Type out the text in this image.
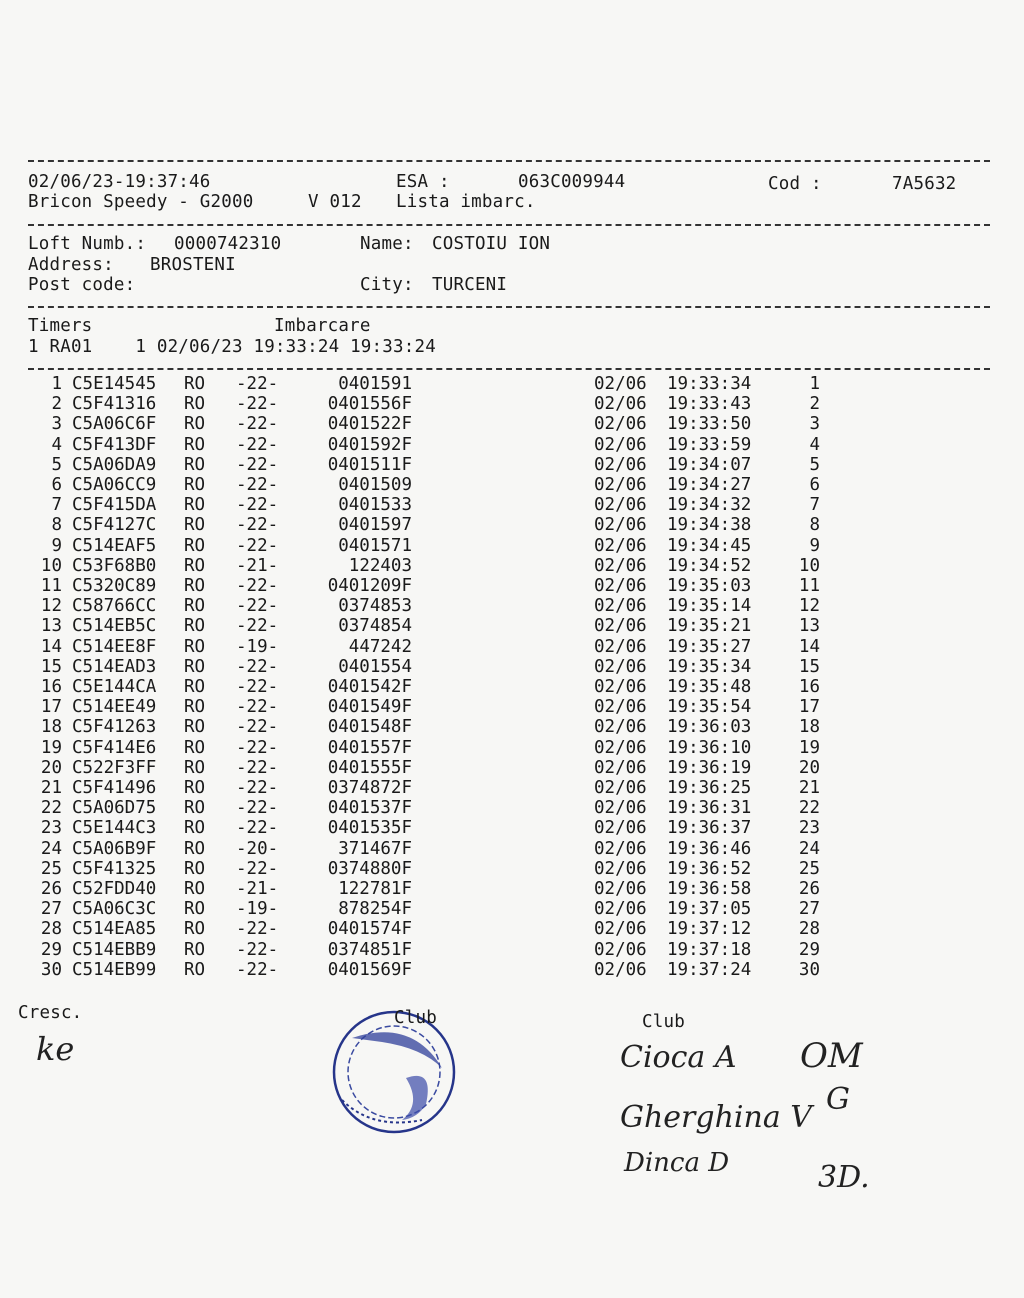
02/06/23-19:37:46	ESA :	063C009944	Cod :	7A5632
Bricon Speedy - G2000	V 012 Lista imbarc.
Loft Numb.: 0000742310	Name: COSTOIU ION
Address: BROSTENI
Post code:	City: TURCENI
Timers	Imbarcare
1 RA01    1 02/06/23 19:33:24 19:33:24
1 C5E14545 RO -22-	0401591	02/06 19:33:34	1
2 C5F41316 RO -22-	0401556F	02/06 19:33:43	2
3 C5A06C6F RO -22-	0401522F	02/06 19:33:50	3
4 C5F413DF RO -22-	0401592F	02/06 19:33:59	4
5 C5A06DA9 RO -22-	0401511F	02/06 19:34:07	5
6 C5A06CC9 RO -22-	0401509	02/06 19:34:27	6
7 C5F415DA RO -22-	0401533	02/06 19:34:32	7
8 C5F4127C RO -22-	0401597	02/06 19:34:38	8
9 C514EAF5 RO -22-	0401571	02/06 19:34:45	9
10 C53F68B0 RO -21-	122403	02/06 19:34:52	10
11 C5320C89 RO -22-	0401209F	02/06 19:35:03	11
12 C58766CC RO -22-	0374853	02/06 19:35:14	12
13 C514EB5C RO -22-	0374854	02/06 19:35:21	13
14 C514EE8F RO -19-	447242	02/06 19:35:27	14
15 C514EAD3 RO -22-	0401554	02/06 19:35:34	15
16 C5E144CA RO -22-	0401542F	02/06 19:35:48	16
17 C514EE49 RO -22-	0401549F	02/06 19:35:54	17
18 C5F41263 RO -22-	0401548F	02/06 19:36:03	18
19 C5F414E6 RO -22-	0401557F	02/06 19:36:10	19
20 C522F3FF RO -22-	0401555F	02/06 19:36:19	20
21 C5F41496 RO -22-	0374872F	02/06 19:36:25	21
22 C5A06D75 RO -22-	0401537F	02/06 19:36:31	22
23 C5E144C3 RO -22-	0401535F	02/06 19:36:37	23
24 C5A06B9F RO -20-	371467F	02/06 19:36:46	24
25 C5F41325 RO -22-	0374880F	02/06 19:36:52	25
26 C52FDD40 RO -21-	122781F	02/06 19:36:58	26
27 C5A06C3C RO -19-	878254F	02/06 19:37:05	27
28 C514EA85 RO -22-	0401574F	02/06 19:37:12	28
29 C514EBB9 RO -22-	0374851F	02/06 19:37:18	29
30 C514EB99 RO -22-	0401569F	02/06 19:37:24	30
Cresc.
ke
Club	Club
Cioca A OM
Gherghina V
G
Dinca D	3D.
